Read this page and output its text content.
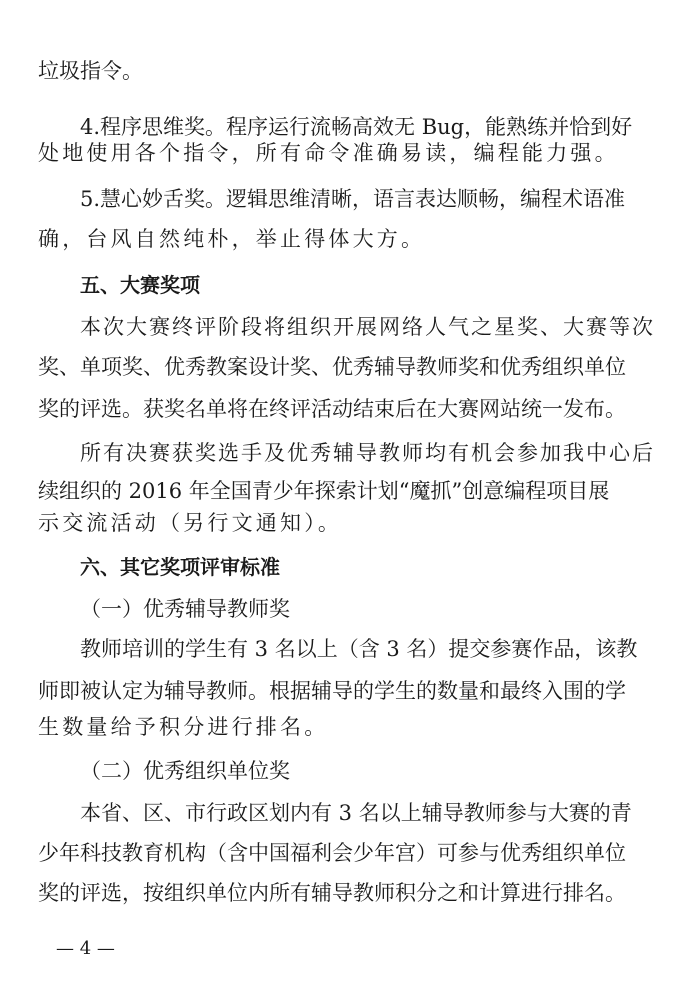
垃圾指令。
4.程序思维奖。程序运行流畅高效无 Bug，能熟练并恰到好
处地使用各个指令，所有命令准确易读，编程能力强。
5.慧心妙舌奖。逻辑思维清晰，语言表达顺畅，编程术语准
确，台风自然纯朴，举止得体大方。
五、大赛奖项
本次大赛终评阶段将组织开展网络人气之星奖、大赛等次
奖、单项奖、优秀教案设计奖、优秀辅导教师奖和优秀组织单位
奖的评选。获奖名单将在终评活动结束后在大赛网站统一发布。
所有决赛获奖选手及优秀辅导教师均有机会参加我中心后
续组织的 2016 年全国青少年探索计划“魔抓”创意编程项目展
示交流活动（另行文通知）。
六、其它奖项评审标准
（一）优秀辅导教师奖
教师培训的学生有 3 名以上（含 3 名）提交参赛作品，该教
师即被认定为辅导教师。根据辅导的学生的数量和最终入围的学
生数量给予积分进行排名。
（二）优秀组织单位奖
本省、区、市行政区划内有 3 名以上辅导教师参与大赛的青
少年科技教育机构（含中国福利会少年宫）可参与优秀组织单位
奖的评选，按组织单位内所有辅导教师积分之和计算进行排名。
— 4 —
